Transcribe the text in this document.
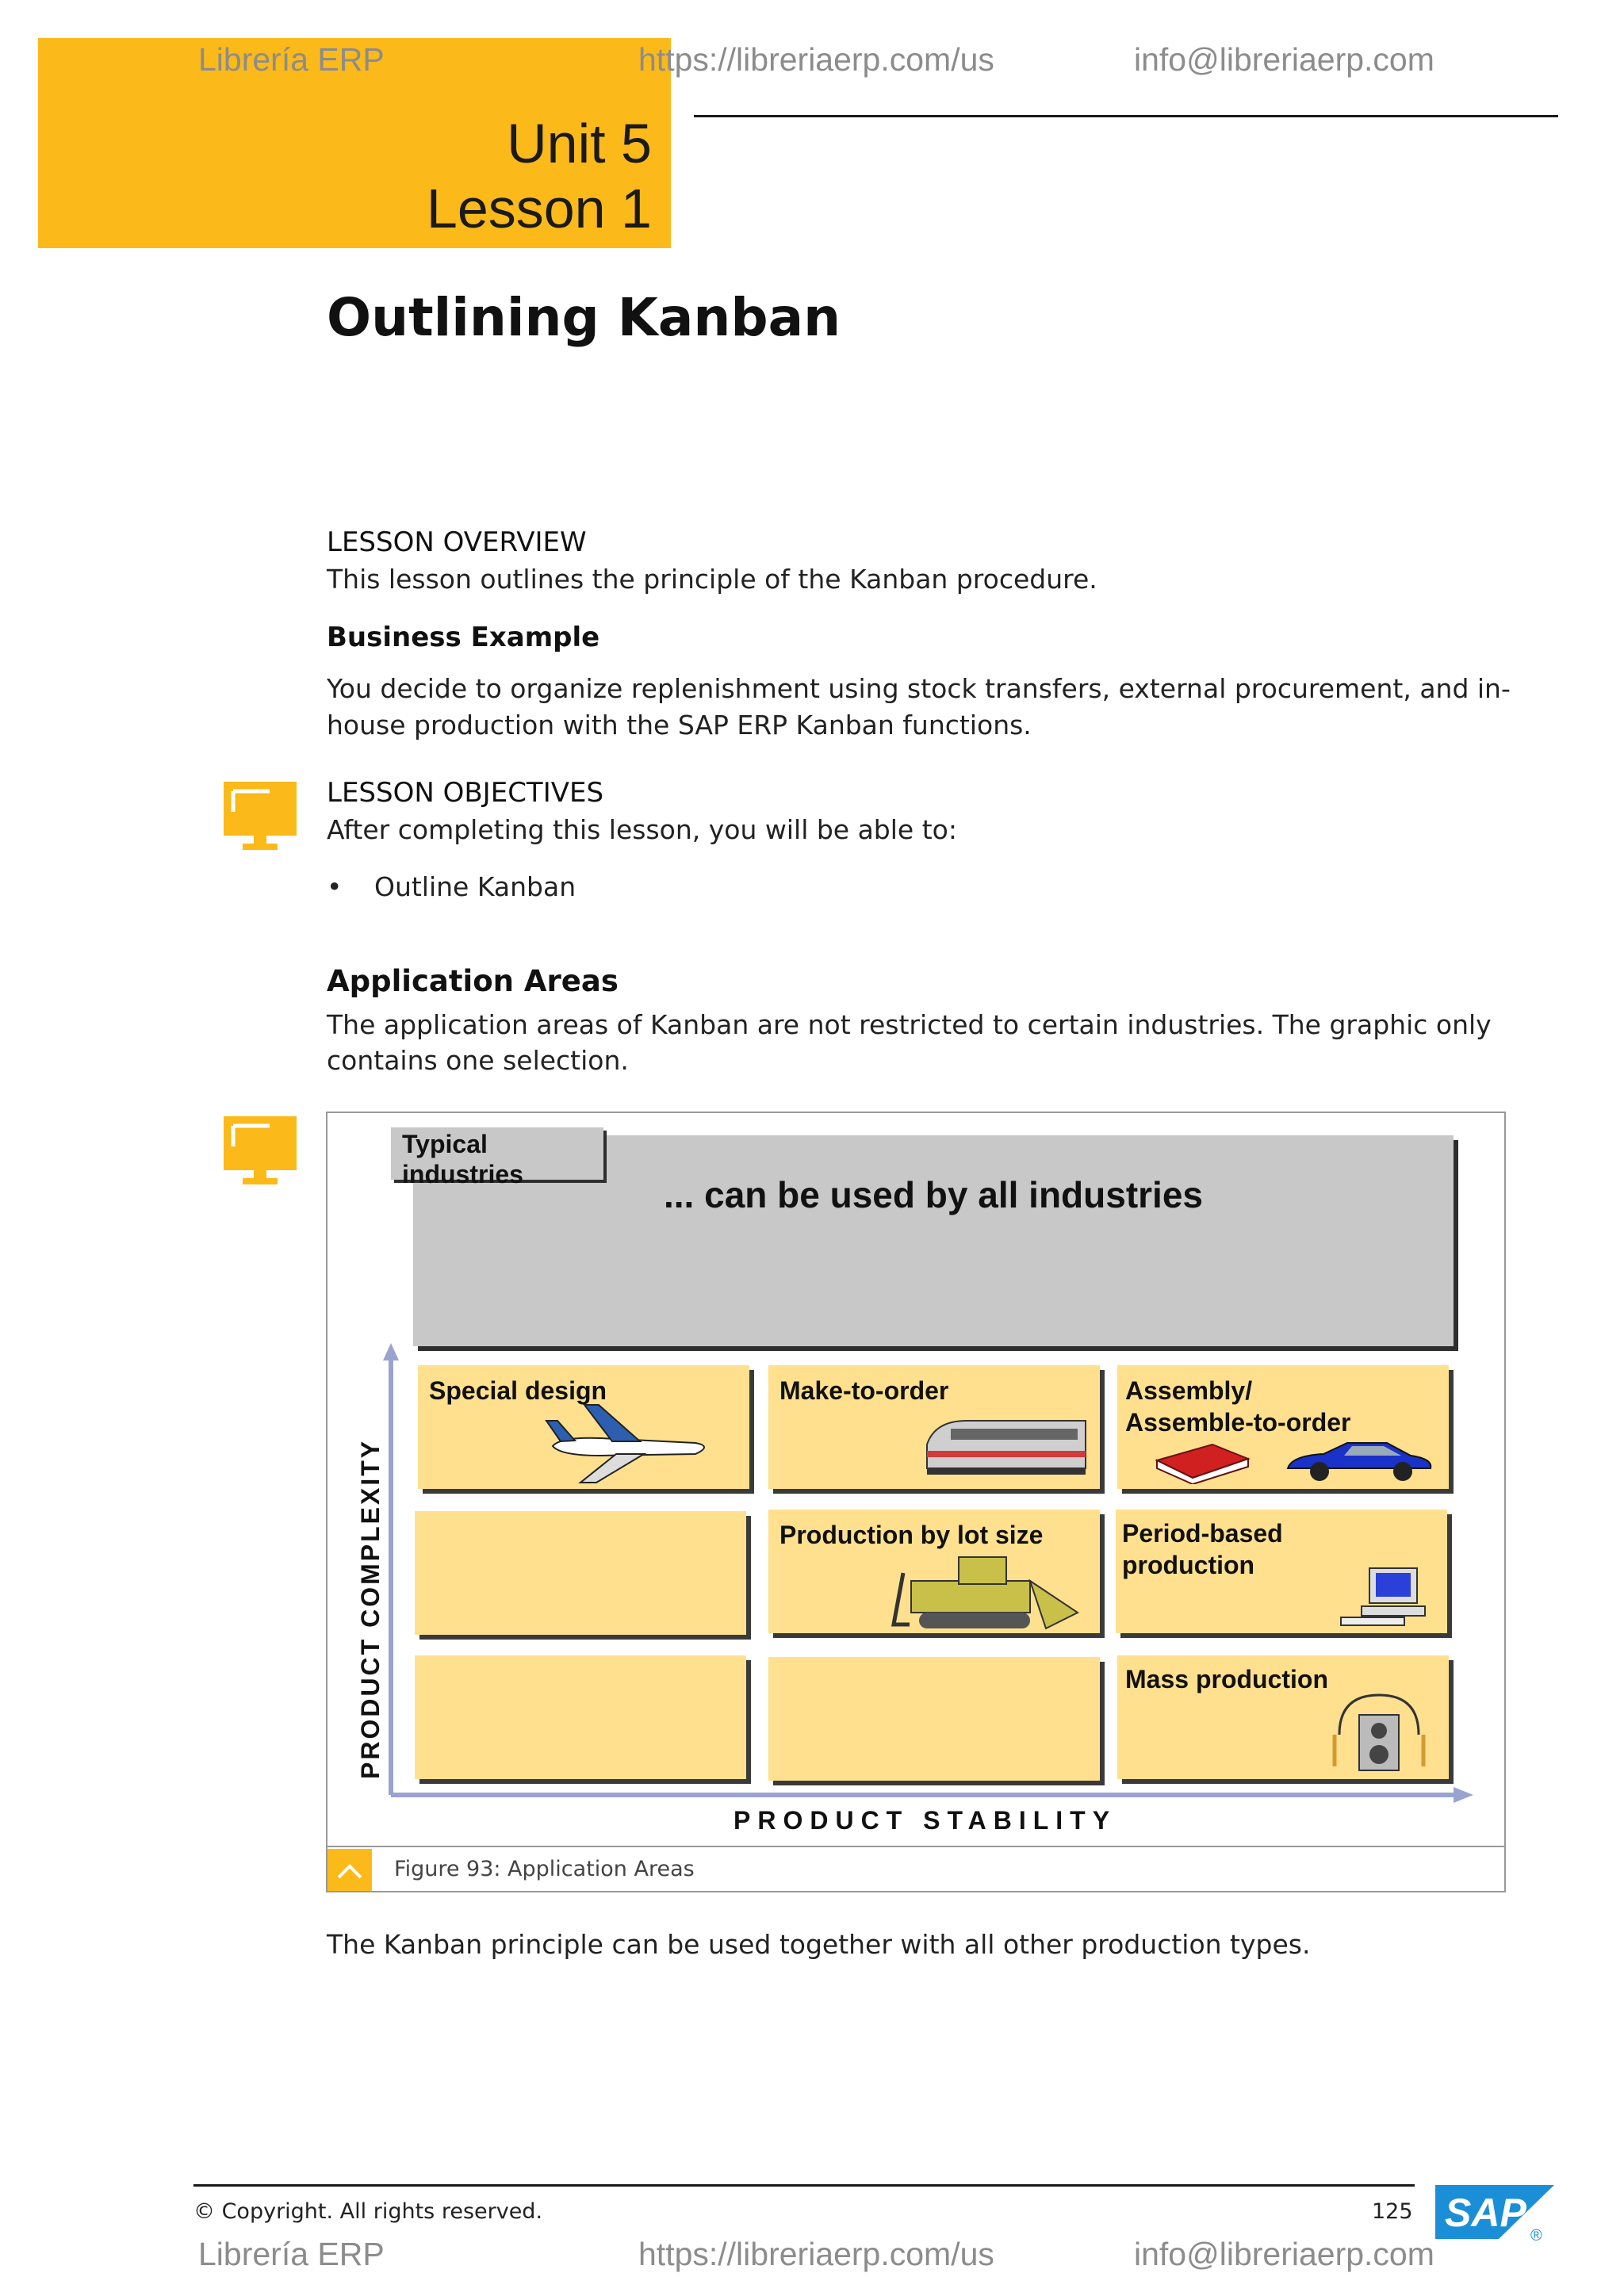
Librería ERP	https://libreriaerp.com/us	info@libreriaerp.com
Unit 5
Lesson 1
Outlining Kanban
LESSON OVERVIEW
This lesson outlines the principle of the Kanban procedure.
Business Example
You decide to organize replenishment using stock transfers, external procurement, and in-
house production with the SAP ERP Kanban functions.
LESSON OBJECTIVES
After completing this lesson, you will be able to:
• Outline Kanban
Application Areas
The application areas of Kanban are not restricted to certain industries. The graphic only
contains one selection.
... can be used by all industries
Typical
industries
Special design	Make-to-order	Assembly/
Assemble-to-order
Production by lot size	Period-based
production
Mass production
PRODUCT COMPLEXITY
PRODUCT STABILITY
Figure 93: Application Areas
The Kanban principle can be used together with all other production types.
© Copyright. All rights reserved.	125 SAP
®
Librería ERP	https://libreriaerp.com/us	info@libreriaerp.com
